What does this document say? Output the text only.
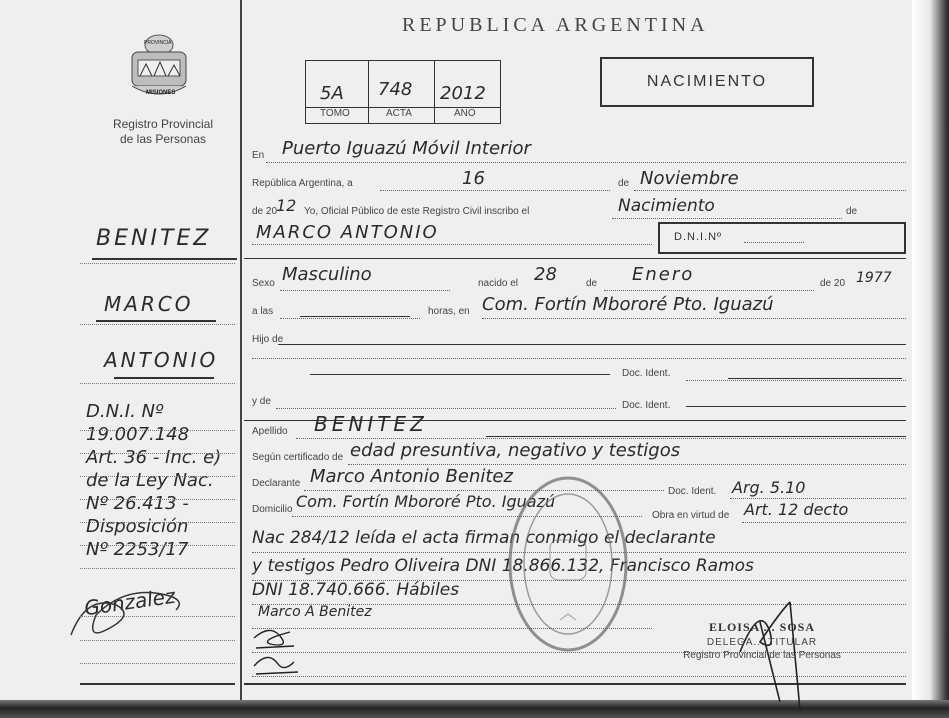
PROVINCIA
MISIONES
Registro Provincial
de las Personas
BENITEZ
MARCO
ANTONIO
D.N.I. Nº
19.007.148
Art. 36 - Inc. e)
de la Ley Nac.
Nº 26.413 -
Disposición
Nº 2253/17
Gonzalez
REPUBLICA ARGENTINA
5A 748 2012
TOMO	ACTA	AÑO
NACIMIENTO
En Puerto Iguazú Móvil Interior
República Argentina, a	16	de Noviembre
de 20
12 Yo, Oficial Público de este Registro Civil inscribo el	Nacimiento	de
MARCO ANTONIO	D.N.I.Nº
Sexo Masculino	nacido el 28	de Enero	de 20 1977
a las	horas, en Com. Fortín Mbororé Pto. Iguazú
Hijo de
Doc. Ident.
y de	Doc. Ident.
Apellido BENITEZ
Según certificado de edad presuntiva, negativo y testigos
Declarante Marco Antonio Benitez
Doc. Ident. Arg. 5.10
Domicilio Com. Fortín Mbororé Pto. Iguazú
Obra en virtud de Art. 12 decto
Nac 284/12 leída el acta firman conmigo el declarante
y testigos Pedro Oliveira DNI 18.866.132, Francisco Ramos
DNI 18.740.666. Hábiles
Marco A Benitez
ELOISA ... SOSA
DELEGA... TITULAR
Registro Provincial de las Personas
